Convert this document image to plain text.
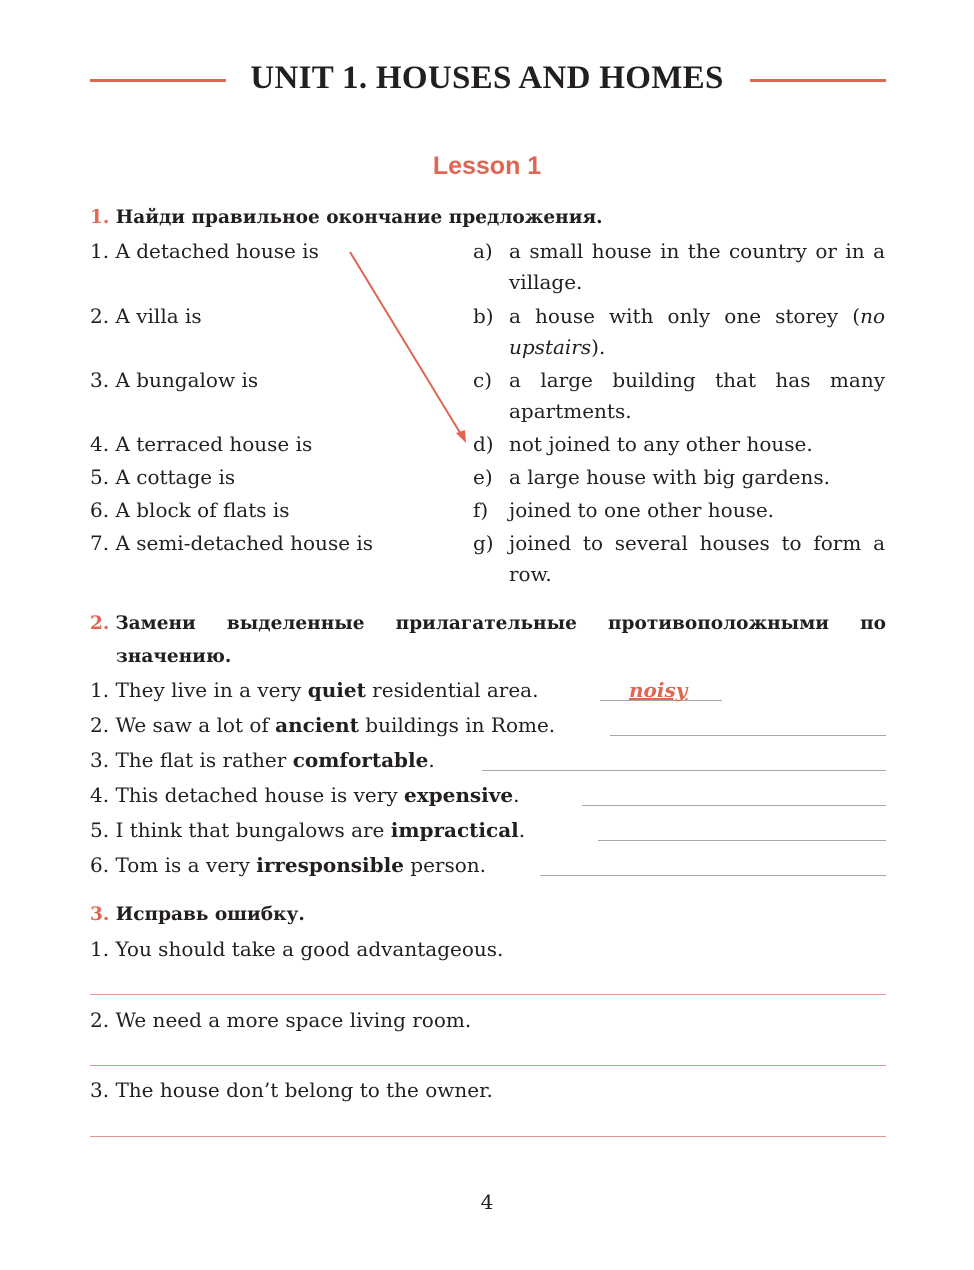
UNIT 1. HOUSES AND HOMES
Lesson 1
1. Найди правильное окончание предложения.
1. A detached house is
2. A villa is
3. A bungalow is
4. A terraced house is
5. A cottage is
6. A block of flats is
7. A semi-detached house is
a) a small house in the country or in a village.
b) a house with only one storey (no upstairs).
c) a large building that has many apartments.
d) not joined to any other house.
e) a large house with big gardens.
f) joined to one other house.
g) joined to several houses to form a row.
2. Замени выделенные прилагательные противоположными по
значению.
1. They live in a very quiet residential area.	noisy
2. We saw a lot of ancient buildings in Rome.
3. The flat is rather comfortable.
4. This detached house is very expensive.
5. I think that bungalows are impractical.
6. Tom is a very irresponsible person.
3. Исправь ошибку.
1. You should take a good advantageous.
2. We need a more space living room.
3. The house don’t belong to the owner.
4
